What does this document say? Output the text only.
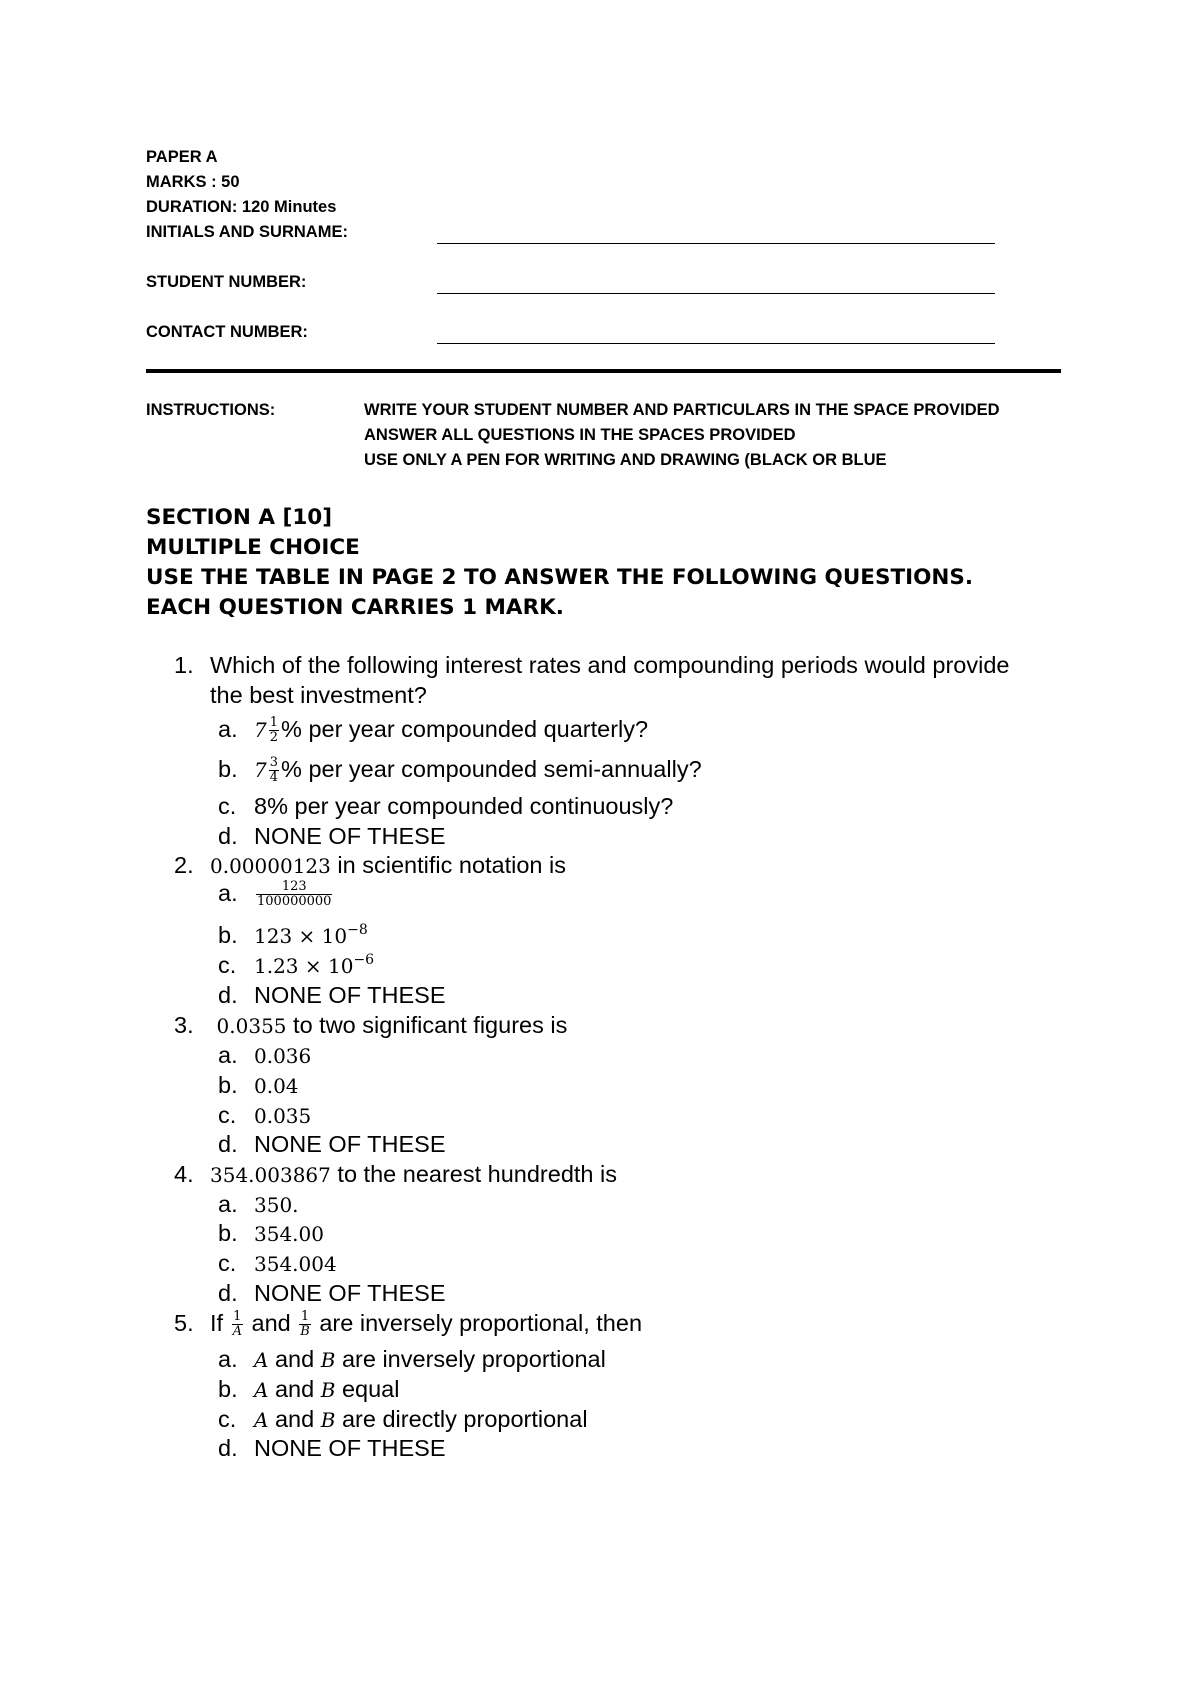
PAPER A
MARKS : 50
DURATION: 120 Minutes
INITIALS AND SURNAME:
STUDENT NUMBER:
CONTACT NUMBER:
INSTRUCTIONS:	WRITE YOUR STUDENT NUMBER AND PARTICULARS IN THE SPACE PROVIDED
ANSWER ALL QUESTIONS IN THE SPACES PROVIDED
USE ONLY A PEN FOR WRITING AND DRAWING (BLACK OR BLUE
SECTION A [10]
MULTIPLE CHOICE
USE THE TABLE IN PAGE 2 TO ANSWER THE FOLLOWING QUESTIONS.
EACH QUESTION CARRIES 1 MARK.
1. Which of the following interest rates and compounding periods would provide
the best investment?
a. $7 \frac{1}{2}$ % per year compounded quarterly?
b. $7 \frac{3}{4}$ % per year compounded semi-annually?
c. 8% per year compounded continuously?
d. NONE OF THESE
2. 0.00000123 in scientific notation is
a. $\frac{123}{100000000}$
b. $123 \times 10^{-8}$
c. $1.23 \times 10^{-6}$
d. NONE OF THESE
3. 0.0355 to two significant figures is
a. 0.036
b. 0.04
c. 0.035
d. NONE OF THESE
4. 354.003867 to the nearest hundredth is
a. 350.
b. 354.00
c. 354.004
d. NONE OF THESE
5. If $\frac{1}{A}$ and $\frac{1}{B}$ are inversely proportional, then
a. A and B are inversely proportional
b. A and B equal
c. A and B are directly proportional
d. NONE OF THESE
